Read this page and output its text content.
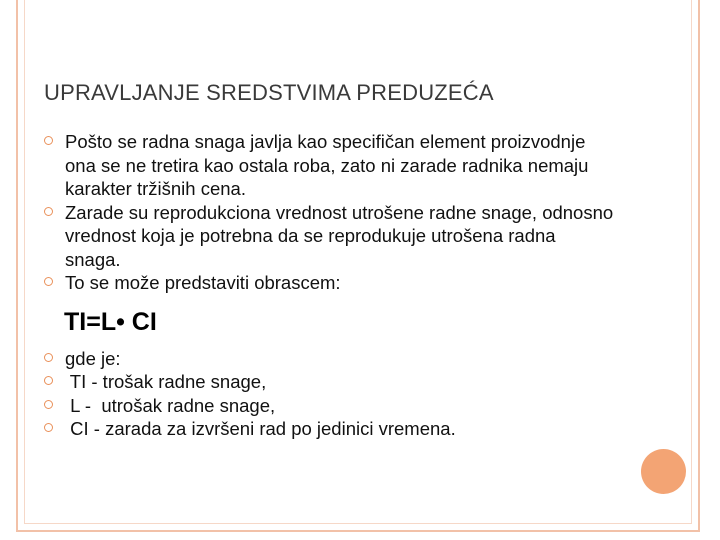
UPRAVLJANJE SREDSTVIMA PREDUZEĆA

Pošto se radna snaga javlja kao specifičan element proizvodnje ona se ne tretira kao ostala roba, zato ni zarade radnika nemaju karakter tržišnih cena.

Zarade su reprodukciona vrednost utrošene radne snage, odnosno vrednost koja je potrebna da se reprodukuje utrošena radna snaga.

To se može predstaviti obrascem:

TI=L• CI

gde je:

TI - trošak radne snage,

L -  utrošak radne snage,

CI - zarada za izvršeni rad po jedinici vremena.
